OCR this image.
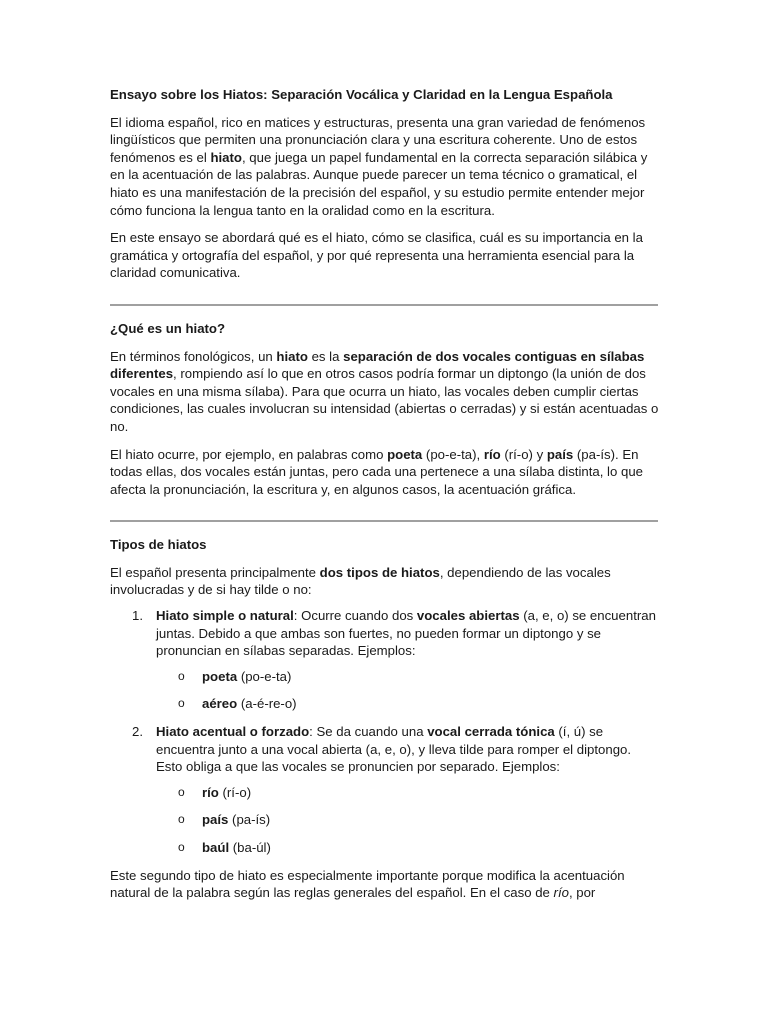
Ensayo sobre los Hiatos: Separación Vocálica y Claridad en la Lengua Española

El idioma español, rico en matices y estructuras, presenta una gran variedad de fenómenos lingüísticos que permiten una pronunciación clara y una escritura coherente. Uno de estos fenómenos es el hiato, que juega un papel fundamental en la correcta separación silábica y en la acentuación de las palabras. Aunque puede parecer un tema técnico o gramatical, el hiato es una manifestación de la precisión del español, y su estudio permite entender mejor cómo funciona la lengua tanto en la oralidad como en la escritura.

En este ensayo se abordará qué es el hiato, cómo se clasifica, cuál es su importancia en la gramática y ortografía del español, y por qué representa una herramienta esencial para la claridad comunicativa.

¿Qué es un hiato?

En términos fonológicos, un hiato es la separación de dos vocales contiguas en sílabas diferentes, rompiendo así lo que en otros casos podría formar un diptongo (la unión de dos vocales en una misma sílaba). Para que ocurra un hiato, las vocales deben cumplir ciertas condiciones, las cuales involucran su intensidad (abiertas o cerradas) y si están acentuadas o no.

El hiato ocurre, por ejemplo, en palabras como poeta (po-e-ta), río (rí-o) y país (pa-ís). En todas ellas, dos vocales están juntas, pero cada una pertenece a una sílaba distinta, lo que afecta la pronunciación, la escritura y, en algunos casos, la acentuación gráfica.

Tipos de hiatos

El español presenta principalmente dos tipos de hiatos, dependiendo de las vocales involucradas y de si hay tilde o no:

1. Hiato simple o natural: Ocurre cuando dos vocales abiertas (a, e, o) se encuentran juntas. Debido a que ambas son fuertes, no pueden formar un diptongo y se pronuncian en sílabas separadas. Ejemplos:

o poeta (po-e-ta)
o aéreo (a-é-re-o)
2. Hiato acentual o forzado: Se da cuando una vocal cerrada tónica (í, ú) se encuentra junto a una vocal abierta (a, e, o), y lleva tilde para romper el diptongo. Esto obliga a que las vocales se pronuncien por separado. Ejemplos:

o río (rí-o)
o país (pa-ís)
o baúl (ba-úl)

Este segundo tipo de hiato es especialmente importante porque modifica la acentuación natural de la palabra según las reglas generales del español. En el caso de río, por
